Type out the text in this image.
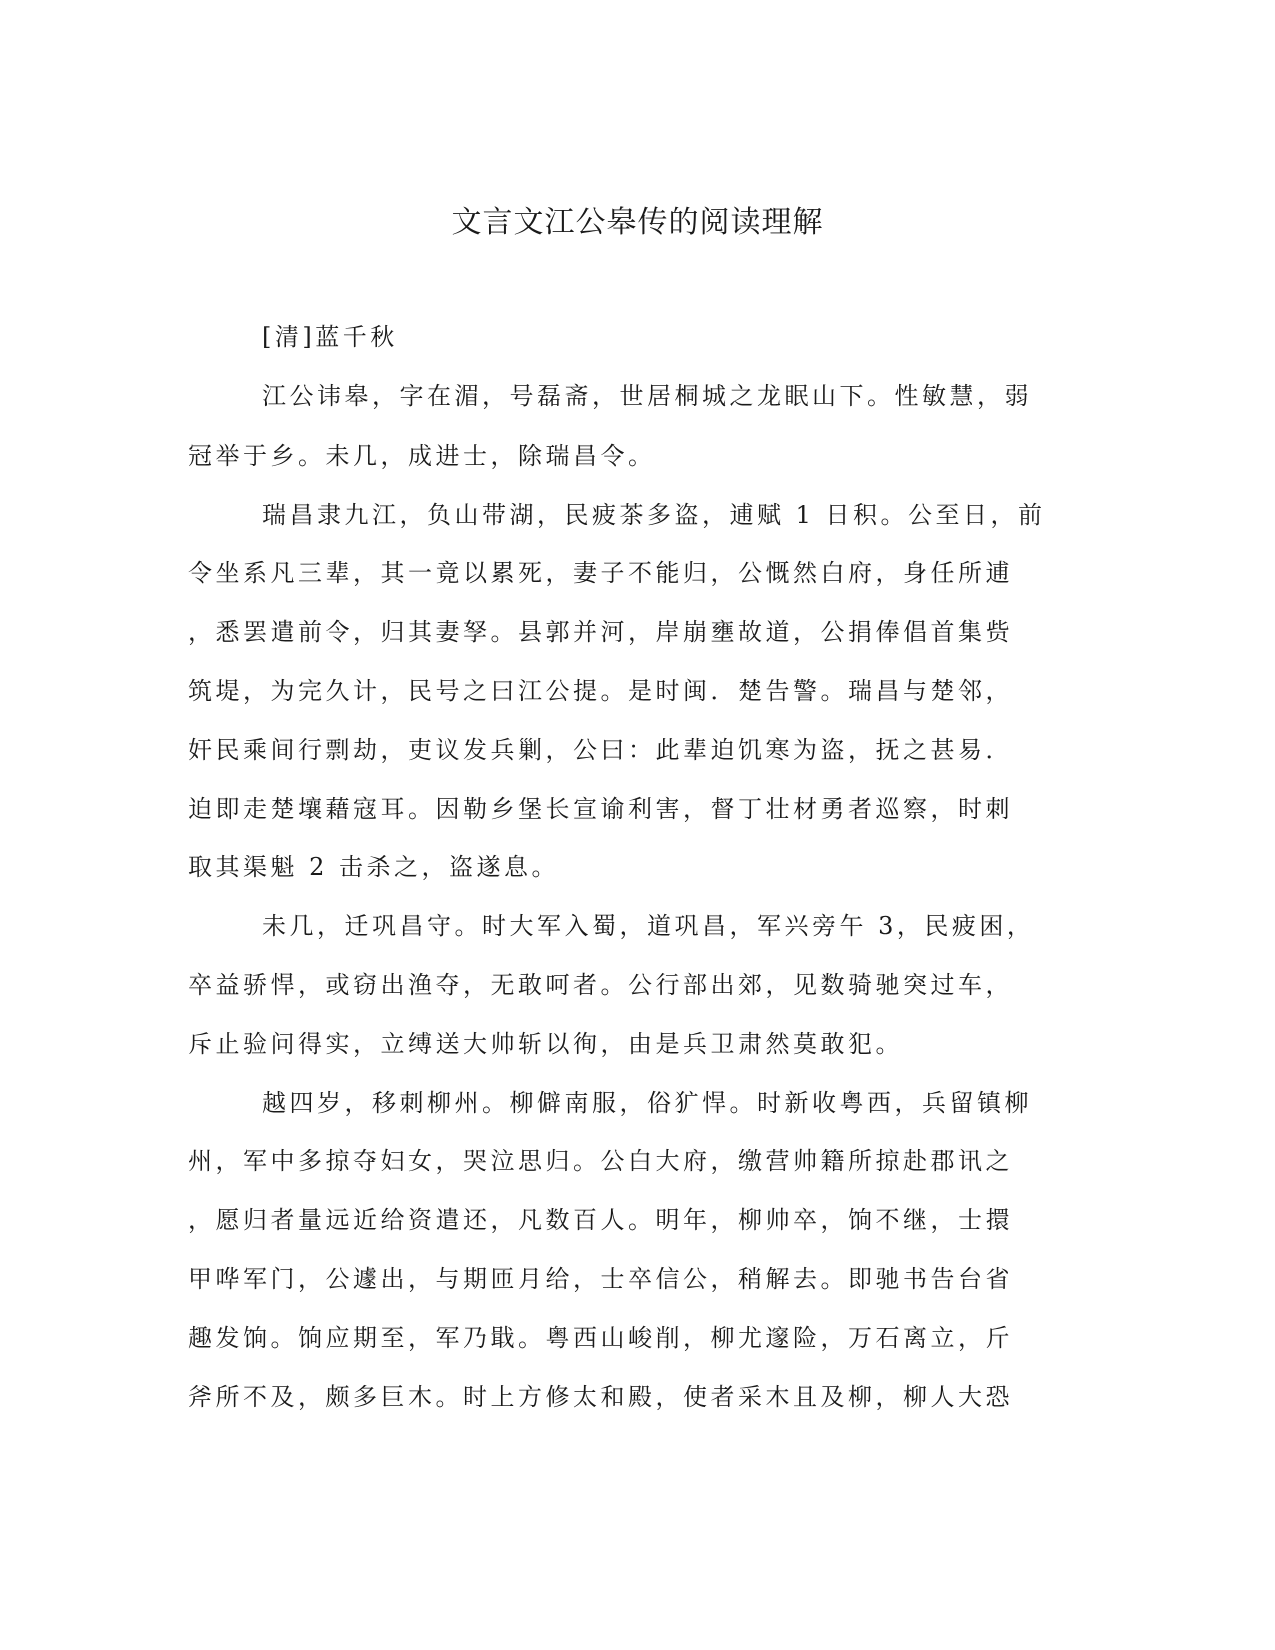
文言文江公皋传的阅读理解
[清]蓝千秋
江公讳皋，字在湄，号磊斋，世居桐城之龙眠山下。性敏慧，弱
冠举于乡。未几，成进士，除瑞昌令。
瑞昌隶九江，负山带湖，民疲茶多盗，逋赋 1 日积。公至日，前
令坐系凡三辈，其一竟以累死，妻子不能归，公慨然白府，身任所逋
，悉罢遣前令，归其妻孥。县郭并河，岸崩壅故道，公捐俸倡首集赀
筑堤，为完久计，民号之曰江公提。是时闽．楚告警。瑞昌与楚邻，
奸民乘间行剽劫，吏议发兵剿，公曰：此辈迫饥寒为盗，抚之甚易．
迫即走楚壤藉寇耳。因勒乡堡长宣谕利害，督丁壮材勇者巡察，时刺
取其渠魁 2 击杀之，盗遂息。
未几，迁巩昌守。时大军入蜀，道巩昌，军兴旁午 3，民疲困，
卒益骄悍，或窃出渔夺，无敢呵者。公行部出郊，见数骑驰突过车，
斥止验问得实，立缚送大帅斩以徇，由是兵卫肃然莫敢犯。
越四岁，移刺柳州。柳僻南服，俗犷悍。时新收粤西，兵留镇柳
州，军中多掠夺妇女，哭泣思归。公白大府，缴营帅籍所掠赴郡讯之
，愿归者量远近给资遣还，凡数百人。明年，柳帅卒，饷不继，士擐
甲哗军门，公遽出，与期匝月给，士卒信公，稍解去。即驰书告台省
趣发饷。饷应期至，军乃戢。粤西山峻削，柳尤邃险，万石离立，斤
斧所不及，颇多巨木。时上方修太和殿，使者采木且及柳，柳人大恐
